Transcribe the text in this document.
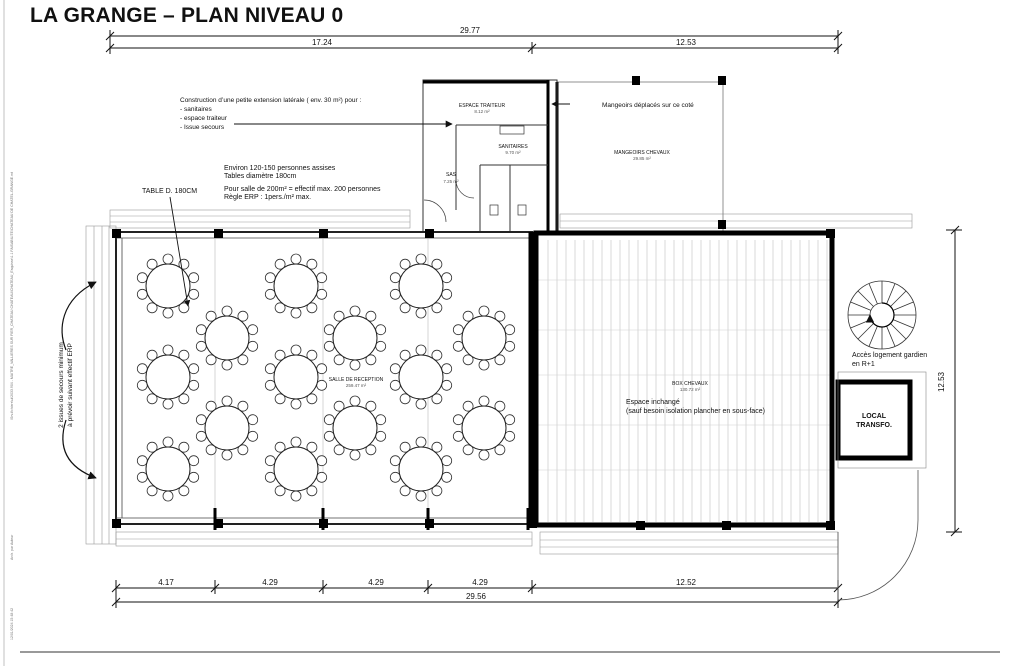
LA GRANGE – PLAN NIVEAU 0
29.77
17.24	12.53
4.17	4.29	4.29	4.29	12.52
29.56
12.53
Construction d’une petite extension latérale ( env. 30 m²) pour :
- sanitaires
- espace traiteur
- Issue secours
Environ 120-150 personnes assises
Tables diamètre 180cm
Pour salle de 200m² = effectif max. 200 personnes
Règle ERP : 1pers./m² max.
TABLE D. 180CM
ESPACE TRAITEUR
8.12 m²
SANITAIRES
9.70 m²
SAS
7.25 m²
Mangeoirs déplacés sur ce coté
MANGEOIRS CHEVAUX
29.85 m²
SALLE DE RECEPTION
259.47 m²	BOX CHEVAUX
130.72 m²
Espace inchangé
(sauf besoin isolation plancher en sous-face)
Accès logement gardien
en R+1
LOCAL
TRANSFO.
2 issues de secours minimum à prévoir suivant effectif ERP
\Srv-fichiers\ul\2033.904 - MAITRE_VALLIERES SUR FIER_CHATEAU CHATEAU\CHATEAU_Esquisse\1.1 FAISABILITE\CHATEAU DE CHATEL-GRANGE.rvt
Arch. par Auteur
12/01/2024 15:48:42
